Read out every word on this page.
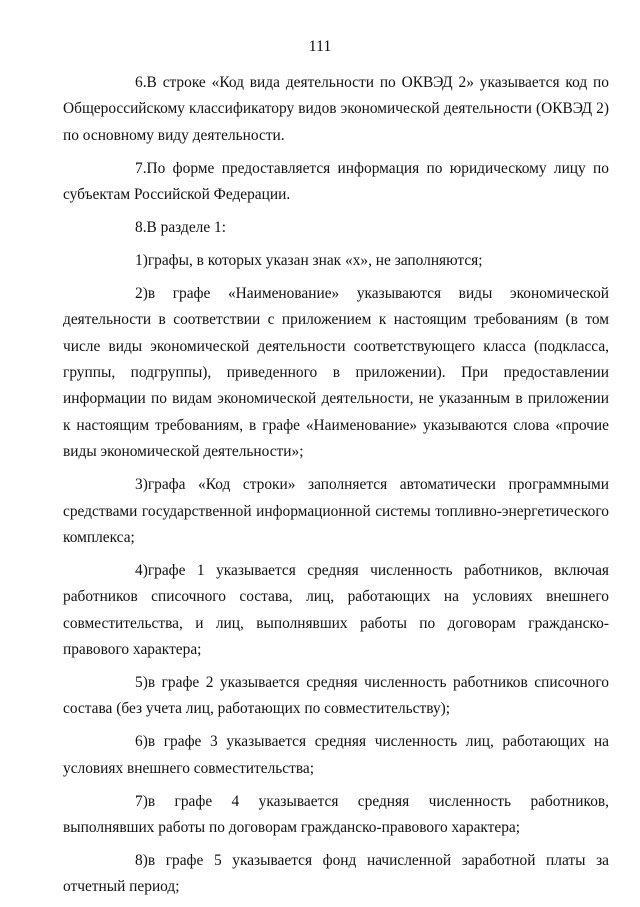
111

6.В строке «Код вида деятельности по ОКВЭД 2» указывается код по Общероссийскому классификатору видов экономической деятельности (ОКВЭД 2) по основному виду деятельности.

7.По форме предоставляется информация по юридическому лицу по субъектам Российской Федерации.

8.В разделе 1:

1)графы, в которых указан знак «х», не заполняются;

2)в графе «Наименование» указываются виды экономической деятельности в соответствии с приложением к настоящим требованиям (в том числе виды экономической деятельности соответствующего класса (подкласса, группы, подгруппы), приведенного в приложении). При предоставлении информации по видам экономической деятельности, не указанным в приложении к настоящим требованиям, в графе «Наименование» указываются слова «прочие виды экономической деятельности»;

3)графа «Код строки» заполняется автоматически программными средствами государственной информационной системы топливно-энергетического комплекса;

4)графе 1 указывается средняя численность работников, включая работников списочного состава, лиц, работающих на условиях внешнего совместительства, и лиц, выполнявших работы по договорам гражданско-правового характера;

5)в графе 2 указывается средняя численность работников списочного состава (без учета лиц, работающих по совместительству);

6)в графе 3 указывается средняя численность лиц, работающих на условиях внешнего совместительства;

7)в графе 4 указывается средняя численность работников, выполнявших работы по договорам гражданско-правового характера;

8)в графе 5 указывается фонд начисленной заработной платы за отчетный период;
